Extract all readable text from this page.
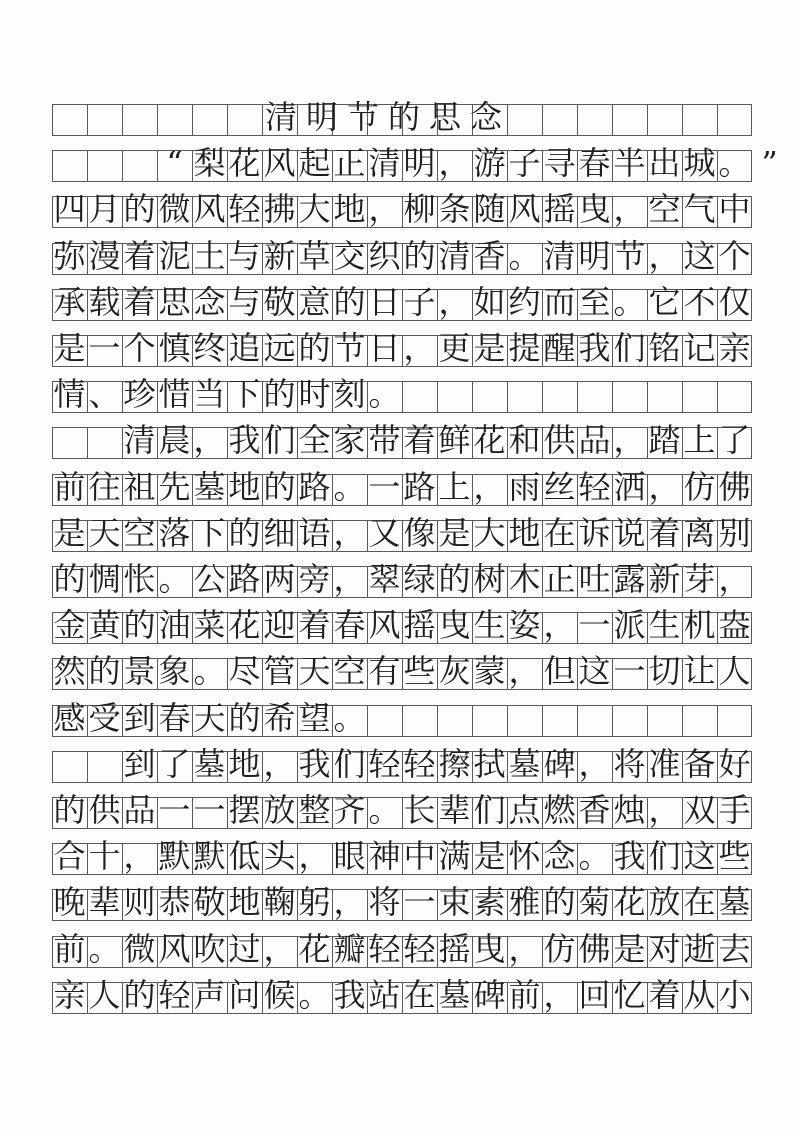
清明节的思念
“ 梨花风起正清明，游子寻春半出城。 ”
四月的微风轻拂大地，柳条随风摇曳，空气中
弥漫着泥土与新草交织的清香。清明节，这个
承载着思念与敬意的日子，如约而至。它不仅
是一个慎终追远的节日，更是提醒我们铭记亲
情、珍惜当下的时刻。
清晨，我们全家带着鲜花和供品，踏上了
前往祖先墓地的路。一路上，雨丝轻洒，仿佛
是天空落下的细语，又像是大地在诉说着离别
的惆怅。公路两旁，翠绿的树木正吐露新芽，
金黄的油菜花迎着春风摇曳生姿，一派生机盎
然的景象。尽管天空有些灰蒙，但这一切让人
感受到春天的希望。
到了墓地，我们轻轻擦拭墓碑，将准备好
的供品一一摆放整齐。长辈们点燃香烛，双手
合十，默默低头，眼神中满是怀念。我们这些
晚辈则恭敬地鞠躬，将一束素雅的菊花放在墓
前。微风吹过，花瓣轻轻摇曳，仿佛是对逝去
亲人的轻声问候。我站在墓碑前，回忆着从小
